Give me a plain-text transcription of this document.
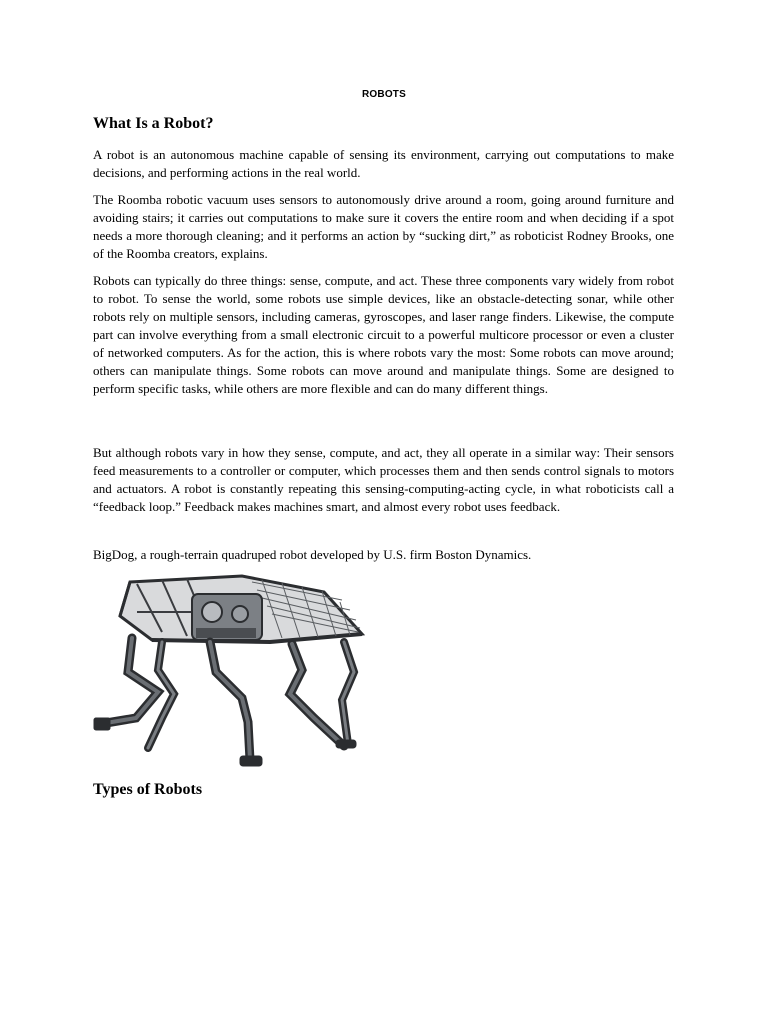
ROBOTS
What Is a Robot?

A robot is an autonomous machine capable of sensing its environment, carrying out computations to make decisions, and performing actions in the real world.

The Roomba robotic vacuum uses sensors to autonomously drive around a room, going around furniture and avoiding stairs; it carries out computations to make sure it covers the entire room and when deciding if a spot needs a more thorough cleaning; and it performs an action by “sucking dirt,” as roboticist Rodney Brooks, one of the Roomba creators, explains.

Robots can typically do three things: sense, compute, and act. These three components vary widely from robot to robot. To sense the world, some robots use simple devices, like an obstacle-detecting sonar, while other robots rely on multiple sensors, including cameras, gyroscopes, and laser range finders. Likewise, the compute part can involve everything from a small electronic circuit to a powerful multicore processor or even a cluster of networked computers. As for the action, this is where robots vary the most: Some robots can move around; others can manipulate things. Some robots can move around and manipulate things. Some are designed to perform specific tasks, while others are more flexible and can do many different things.

But although robots vary in how they sense, compute, and act, they all operate in a similar way: Their sensors feed measurements to a controller or computer, which processes them and then sends control signals to motors and actuators. A robot is constantly repeating this sensing-computing-acting cycle, in what roboticists call a “feedback loop.” Feedback makes machines smart, and almost every robot uses feedback.

BigDog, a rough-terrain quadruped robot developed by U.S. firm Boston Dynamics.

Types of Robots
